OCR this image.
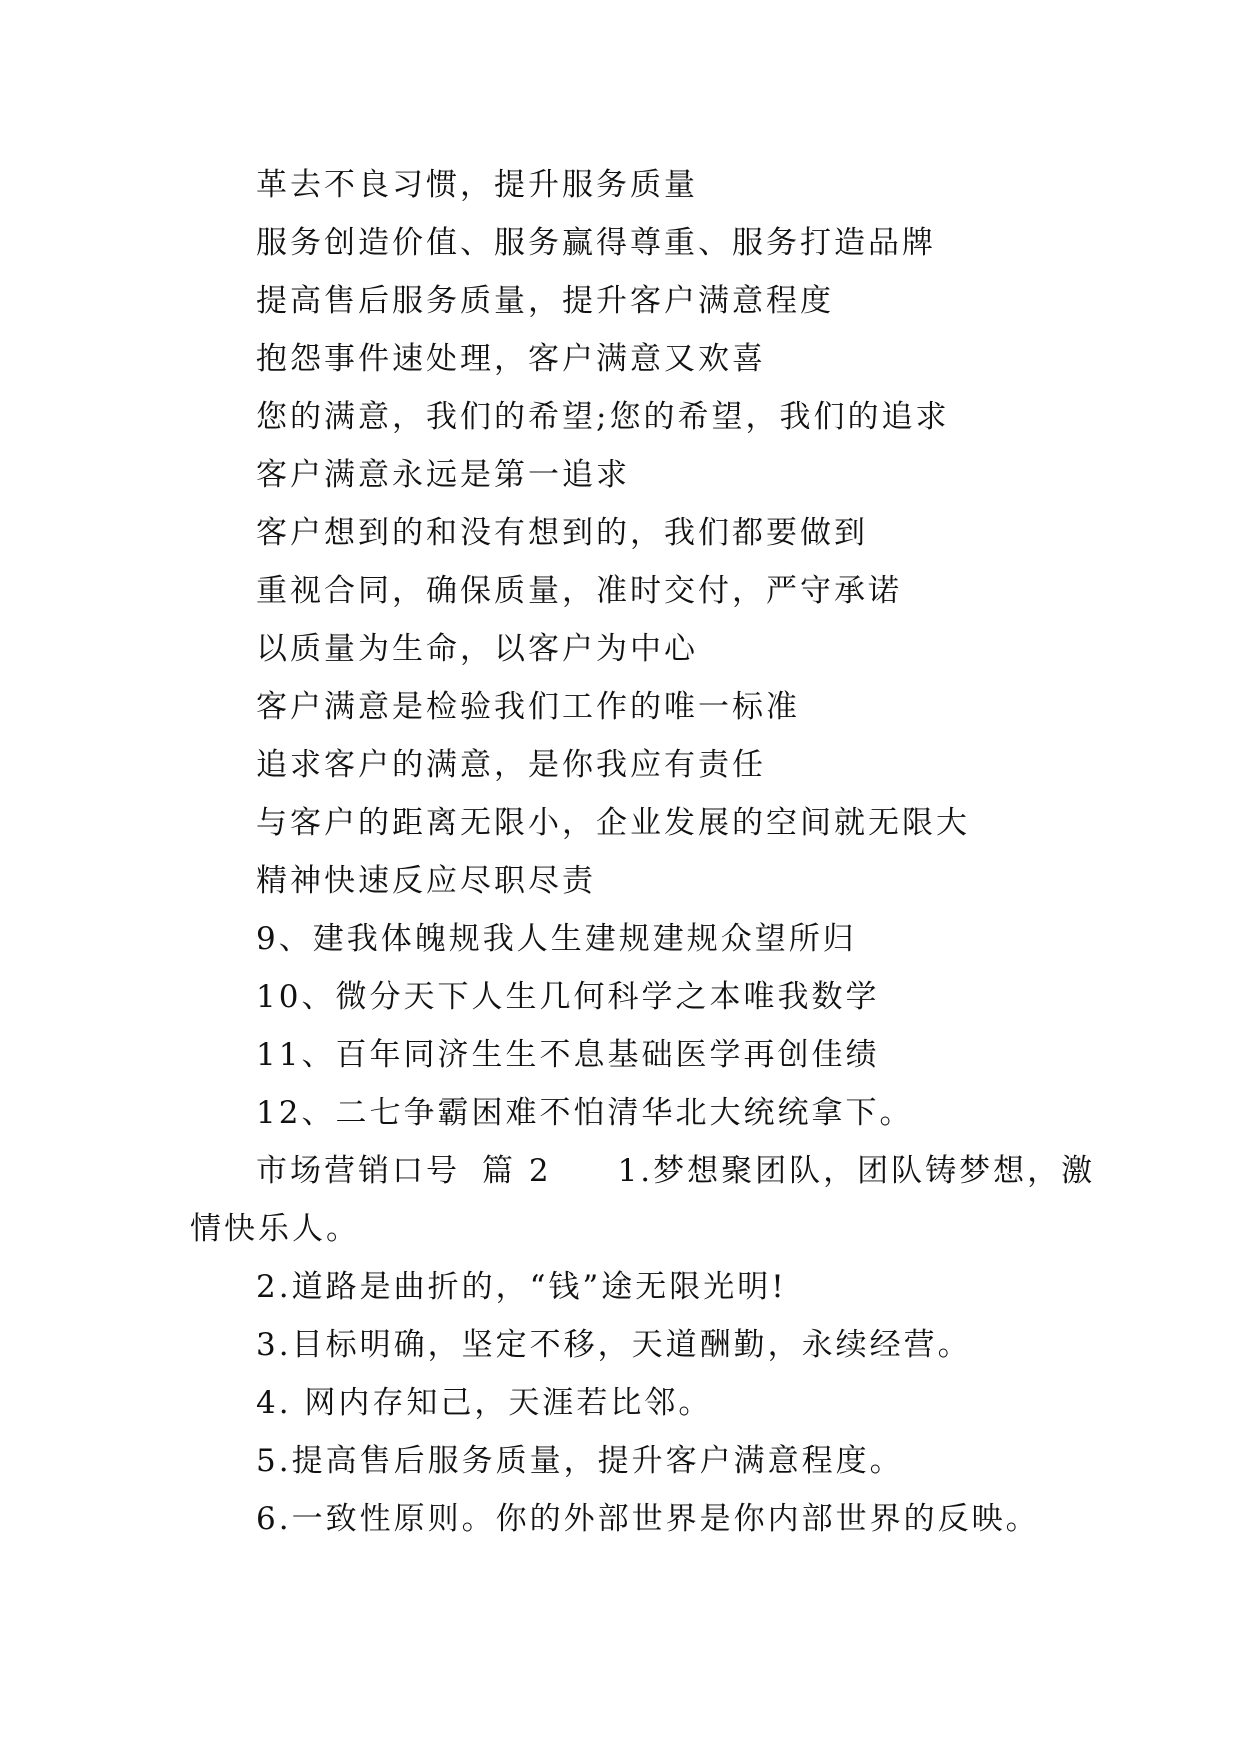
革去不良习惯，提升服务质量
服务创造价值、服务赢得尊重、服务打造品牌
提高售后服务质量，提升客户满意程度
抱怨事件速处理，客户满意又欢喜
您的满意，我们的希望;您的希望，我们的追求
客户满意永远是第一追求
客户想到的和没有想到的，我们都要做到
重视合同，确保质量，准时交付，严守承诺
以质量为生命，以客户为中心
客户满意是检验我们工作的唯一标准
追求客户的满意，是你我应有责任
与客户的距离无限小，企业发展的空间就无限大
精神快速反应尽职尽责
9、建我体魄规我人生建规建规众望所归
10、微分天下人生几何科学之本唯我数学
11、百年同济生生不息基础医学再创佳绩
12、二七争霸困难不怕清华北大统统拿下。
市场营销口号 篇 2 1.梦想聚团队，团队铸梦想，激
情快乐人。
2.道路是曲折的，“钱”途无限光明!
3.目标明确，坚定不移，天道酬勤，永续经营。
4. 网内存知己，天涯若比邻。
5.提高售后服务质量，提升客户满意程度。
6.一致性原则。你的外部世界是你内部世界的反映。
